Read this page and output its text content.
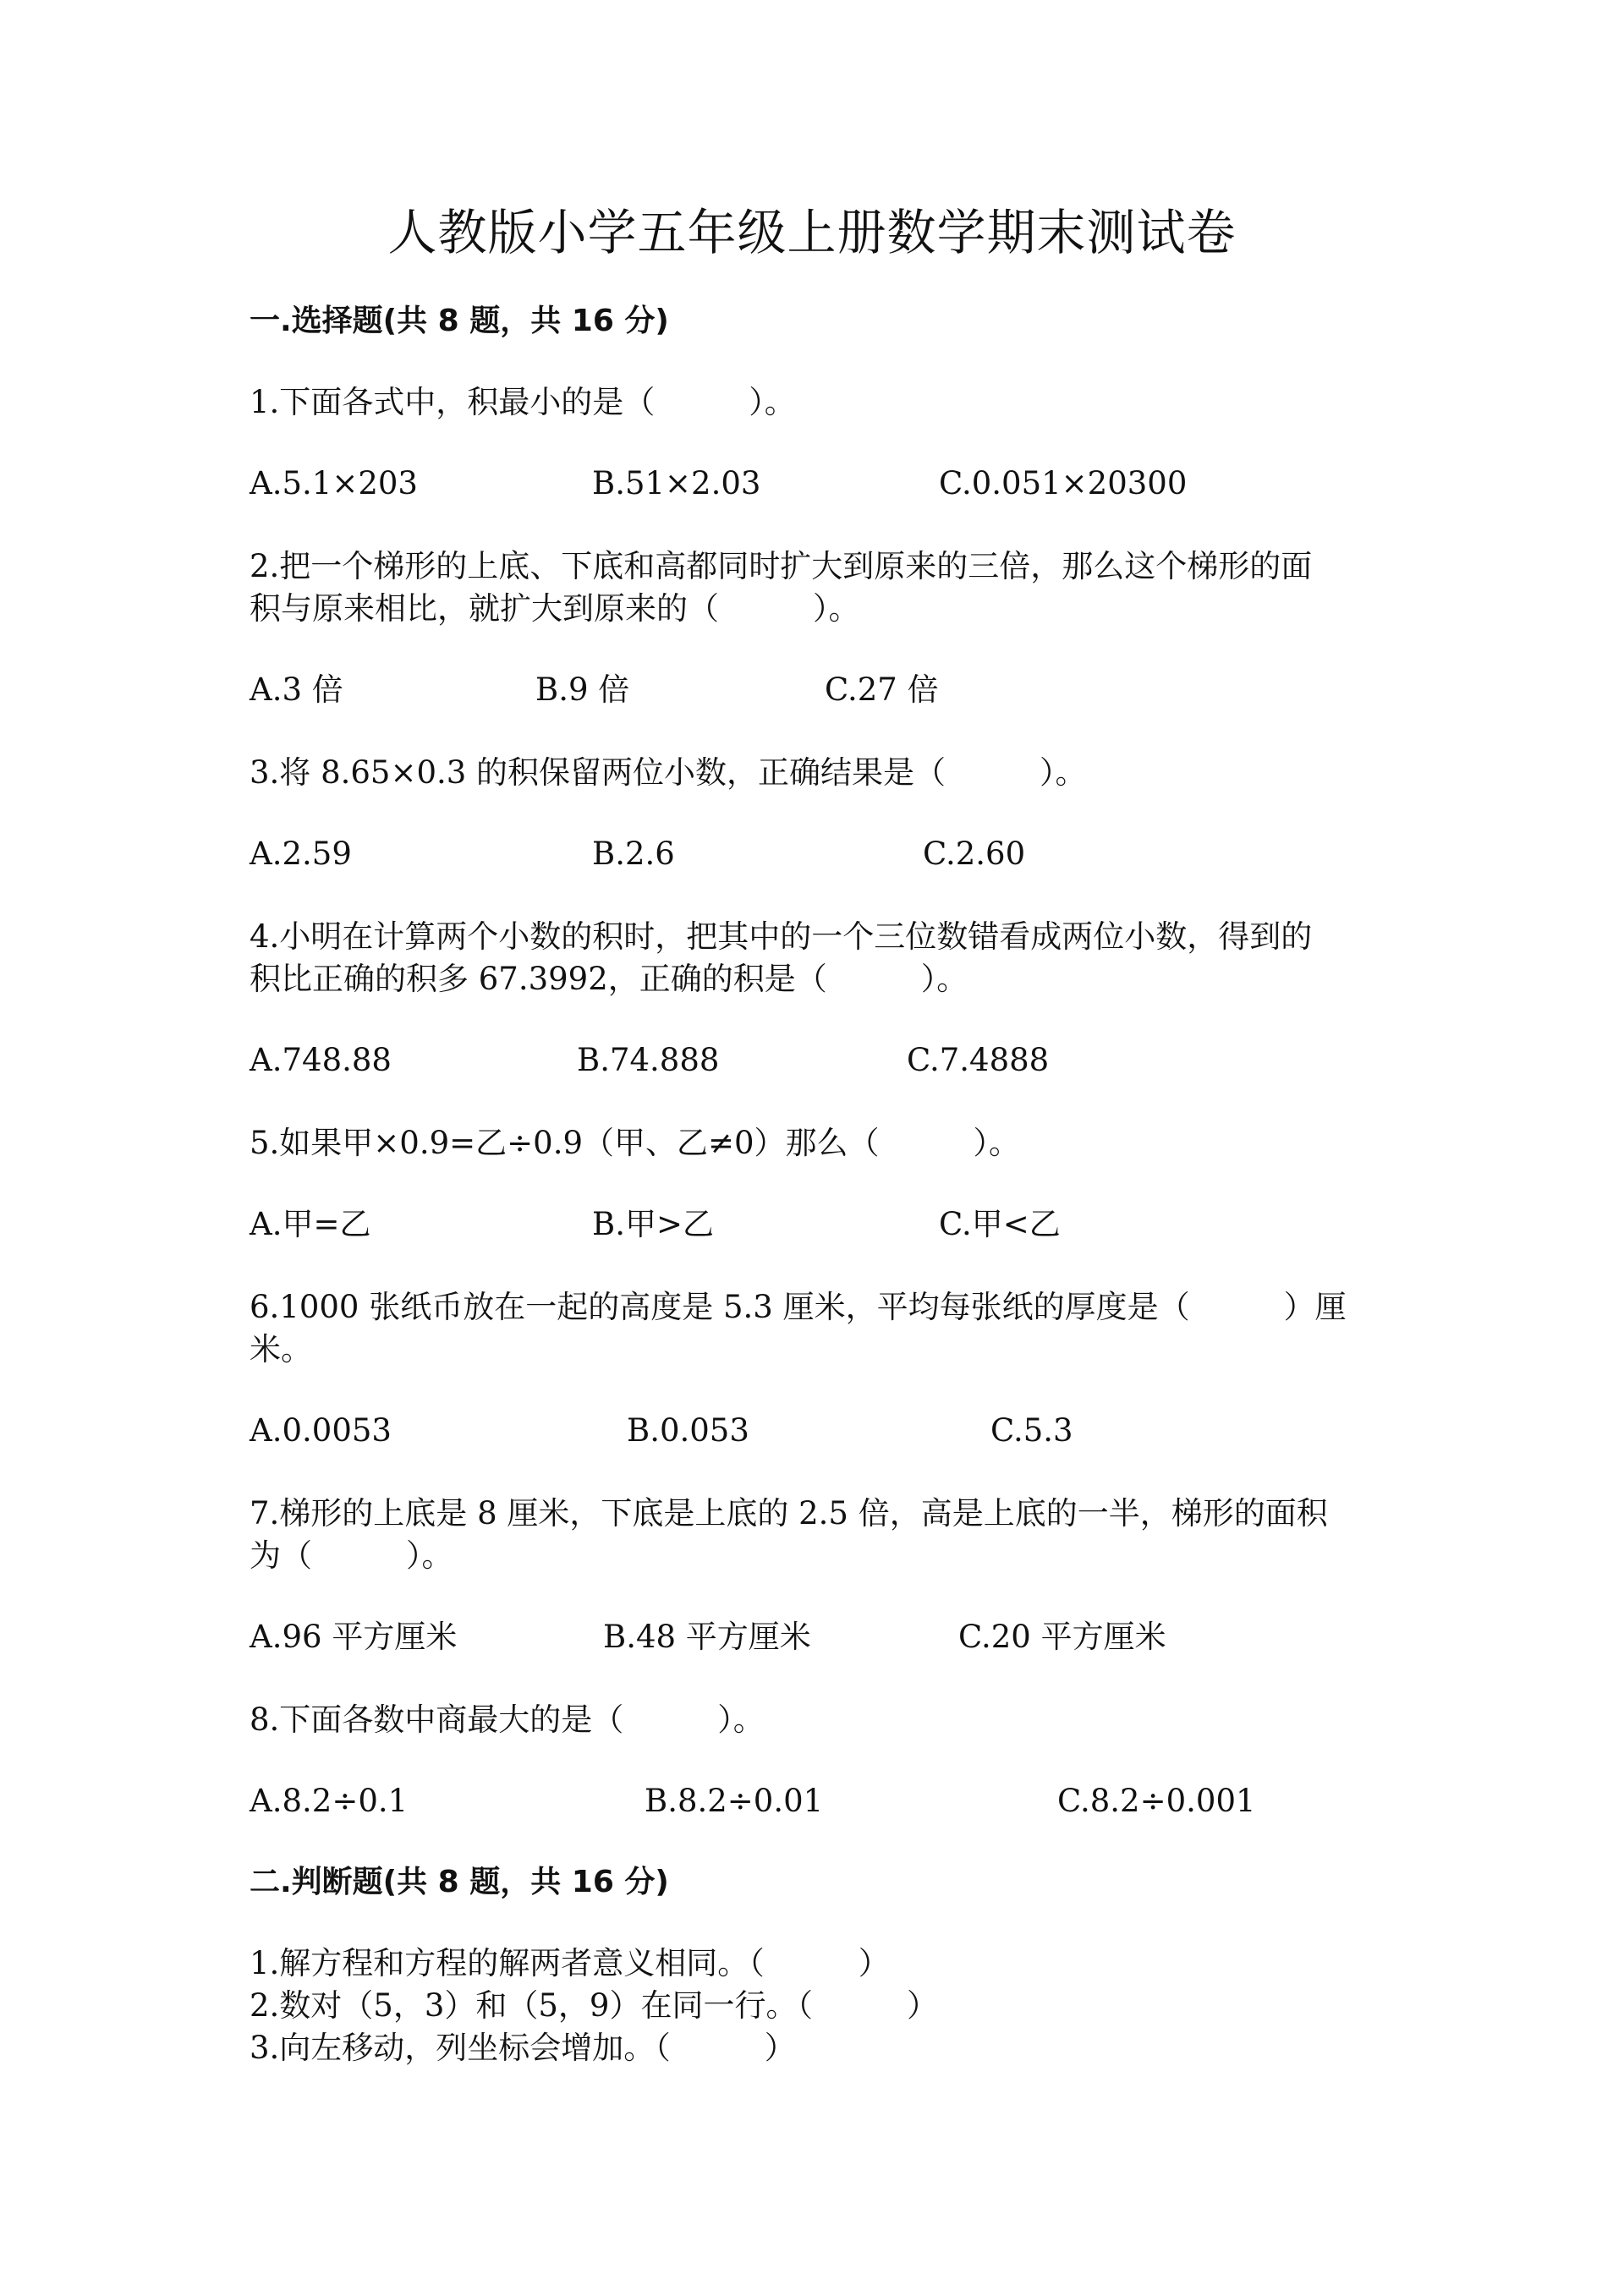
人教版小学五年级上册数学期末测试卷
一.选择题(共 8 题，共 16 分)
1.下面各式中，积最小的是（　　　）。
A.5.1×203	B.51×2.03	C.0.051×20300
2.把一个梯形的上底、下底和高都同时扩大到原来的三倍，那么这个梯形的面
积与原来相比，就扩大到原来的（　　　）。
A.3 倍	B.9 倍	C.27 倍
3.将 8.65×0.3 的积保留两位小数，正确结果是（　　　）。
A.2.59	B.2.6	C.2.60
4.小明在计算两个小数的积时，把其中的一个三位数错看成两位小数，得到的
积比正确的积多 67.3992，正确的积是（　　　）。
A.748.88	B.74.888	C.7.4888
5.如果甲×0.9=乙÷0.9（甲、乙≠0）那么（　　　）。
A.甲=乙	B.甲>乙	C.甲<乙
6.1000 张纸币放在一起的高度是 5.3 厘米，平均每张纸的厚度是（　　　）厘
米。
A.0.0053	B.0.053	C.5.3
7.梯形的上底是 8 厘米，下底是上底的 2.5 倍，高是上底的一半，梯形的面积
为（　　　）。
A.96 平方厘米	B.48 平方厘米	C.20 平方厘米
8.下面各数中商最大的是（　　　）。
A.8.2÷0.1	B.8.2÷0.01	C.8.2÷0.001
二.判断题(共 8 题，共 16 分)
1.解方程和方程的解两者意义相同。（　　　）
2.数对（5，3）和（5，9）在同一行。（　　　）
3.向左移动，列坐标会增加。（　　　）
